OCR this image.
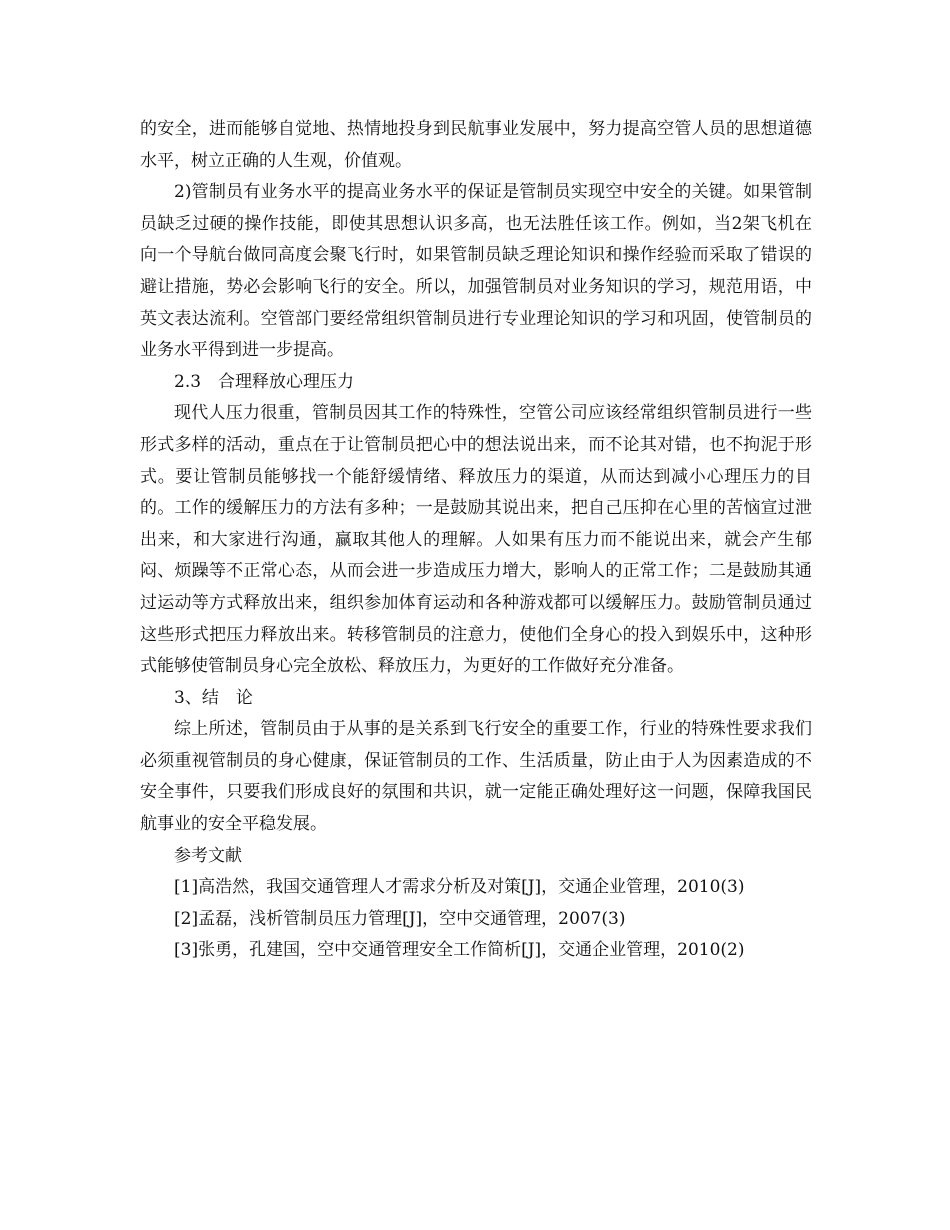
的安全，进而能够自觉地、热情地投身到民航事业发展中，努力提高空管人员的思想道德水平，树立正确的人生观，价值观。

2)管制员有业务水平的提高业务水平的保证是管制员实现空中安全的关键。如果管制员缺乏过硬的操作技能，即使其思想认识多高，也无法胜任该工作。例如，当2架飞机在向一个导航台做同高度会聚飞行时，如果管制员缺乏理论知识和操作经验而采取了错误的避让措施，势必会影响飞行的安全。所以，加强管制员对业务知识的学习，规范用语，中英文表达流利。空管部门要经常组织管制员进行专业理论知识的学习和巩固，使管制员的业务水平得到进一步提高。

2.3　合理释放心理压力

现代人压力很重，管制员因其工作的特殊性，空管公司应该经常组织管制员进行一些形式多样的活动，重点在于让管制员把心中的想法说出来，而不论其对错，也不拘泥于形式。要让管制员能够找一个能舒缓情绪、释放压力的渠道，从而达到减小心理压力的目的。工作的缓解压力的方法有多种；一是鼓励其说出来，把自己压抑在心里的苦恼宣过泄出来，和大家进行沟通，赢取其他人的理解。人如果有压力而不能说出来，就会产生郁闷、烦躁等不正常心态，从而会进一步造成压力增大，影响人的正常工作；二是鼓励其通过运动等方式释放出来，组织参加体育运动和各种游戏都可以缓解压力。鼓励管制员通过这些形式把压力释放出来。转移管制员的注意力，使他们全身心的投入到娱乐中，这种形式能够使管制员身心完全放松、释放压力，为更好的工作做好充分准备。

3、结　论

综上所述，管制员由于从事的是关系到飞行安全的重要工作，行业的特殊性要求我们必须重视管制员的身心健康，保证管制员的工作、生活质量，防止由于人为因素造成的不安全事件，只要我们形成良好的氛围和共识，就一定能正确处理好这一问题，保障我国民航事业的安全平稳发展。

参考文献

[1]高浩然，我国交通管理人才需求分析及对策[J]，交通企业管理，2010(3)

[2]孟磊，浅析管制员压力管理[J]，空中交通管理，2007(3)

[3]张勇，孔建国，空中交通管理安全工作简析[J]，交通企业管理，2010(2)
